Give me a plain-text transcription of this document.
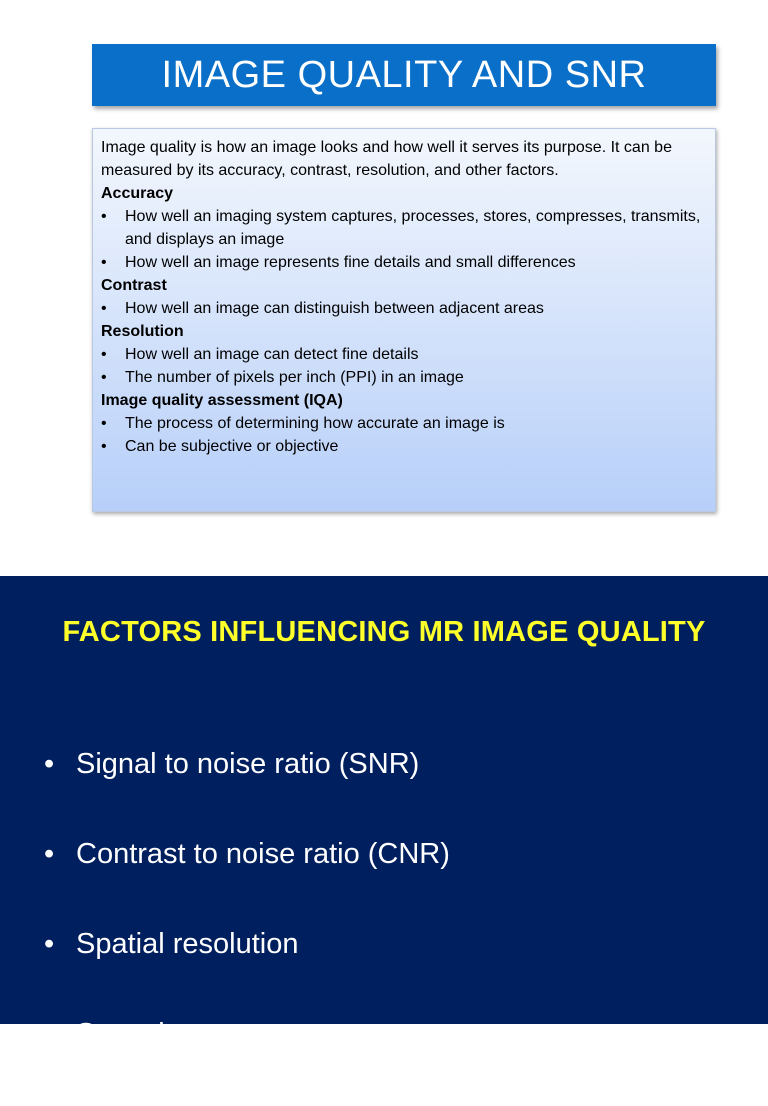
IMAGE QUALITY AND SNR

Image quality is how an image looks and how well it serves its purpose. It can be measured by its accuracy, contrast, resolution, and other factors.

Accuracy

• How well an imaging system captures, processes, stores, compresses, transmits, and displays an image
• How well an image represents fine details and small differences

Contrast

• How well an image can distinguish between adjacent areas

Resolution

• How well an image can detect fine details
• The number of pixels per inch (PPI) in an image

Image quality assessment (IQA)

• The process of determining how accurate an image is
• Can be subjective or objective
FACTORS INFLUENCING MR IMAGE QUALITY
• Signal to noise ratio (SNR)
• Contrast to noise ratio (CNR)
• Spatial resolution
• Scan time
